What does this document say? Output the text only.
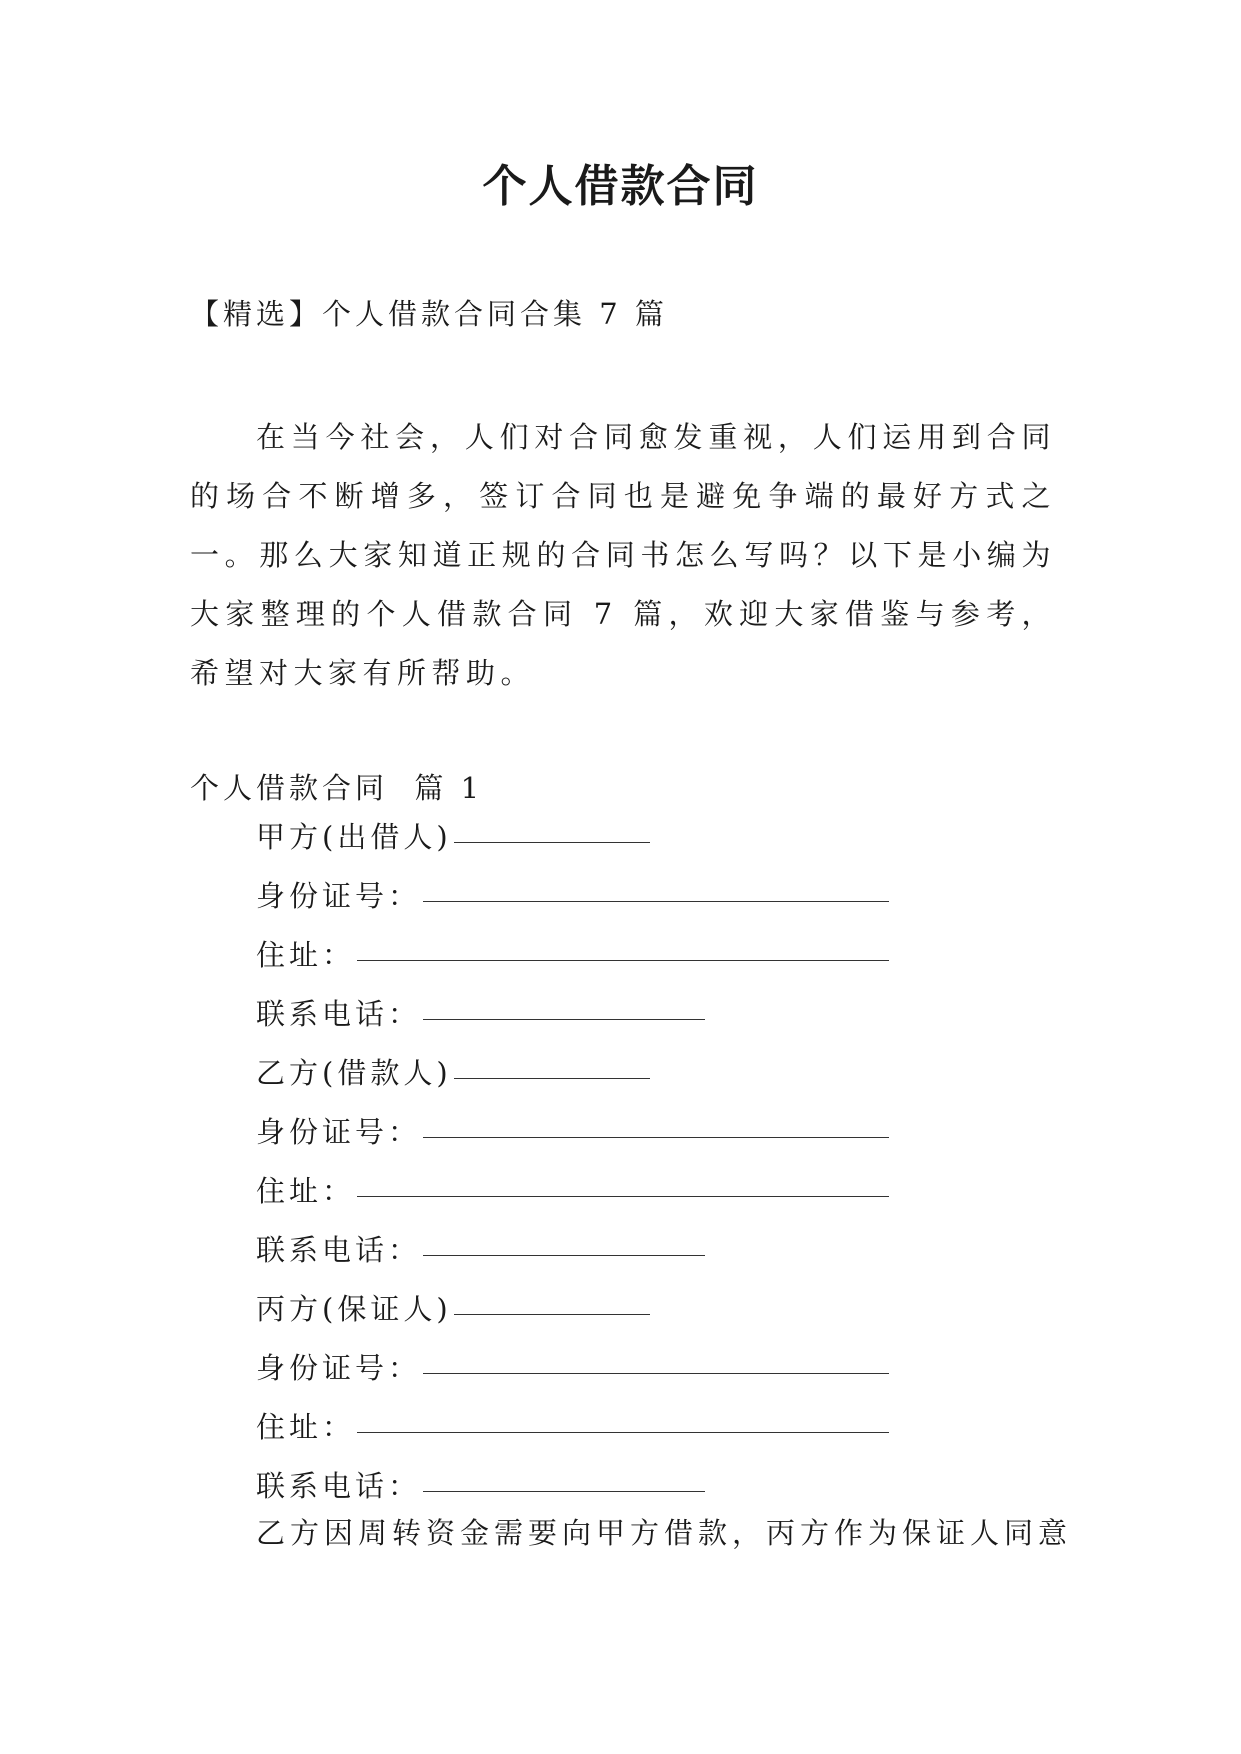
个人借款合同

【精选】个人借款合同合集 7 篇

在当今社会，人们对合同愈发重视，人们运用到合同的场合不断增多，签订合同也是避免争端的最好方式之一。那么大家知道正规的合同书怎么写吗？以下是小编为大家整理的个人借款合同 7 篇，欢迎大家借鉴与参考，希望对大家有所帮助。

个人借款合同  篇 1

甲方(出借人)
身份证号：
住址：
联系电话：
乙方(借款人)
身份证号：
住址：
联系电话：
丙方(保证人)
身份证号：
住址：
联系电话：

乙方因周转资金需要向甲方借款，丙方作为保证人同意
